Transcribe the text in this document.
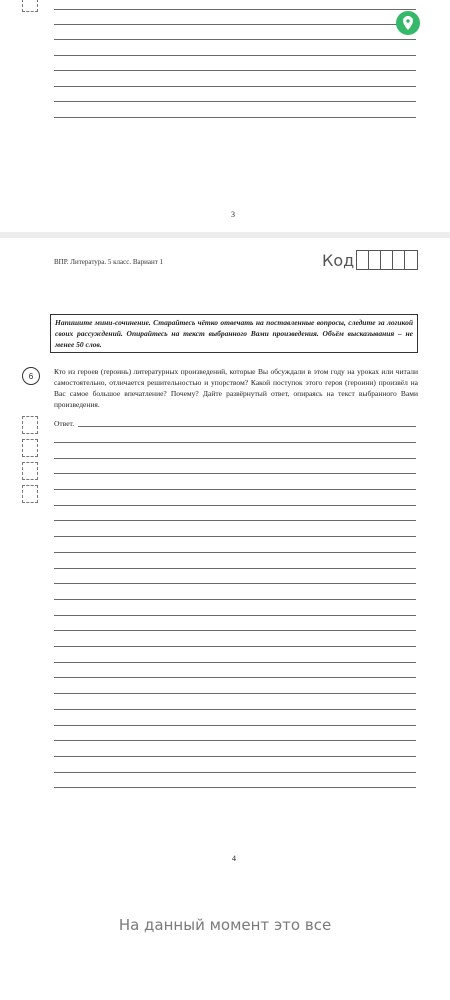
3
ВПР. Литература. 5 класс. Вариант 1	Код
Напишите мини-сочинение. Старайтесь чётко отвечать на поставленные вопросы, следите за логикой своих рассуждений. Опирайтесь на текст выбранного Вами произведения. Объём высказывания – не менее 50 слов.
6	Кто из героев (героинь) литературных произведений, которые Вы обсуждали в этом году на уроках или читали самостоятельно, отличается решительностью и упорством? Какой поступок этого героя (героини) произвёл на Вас самое большое впечатление? Почему? Дайте развёрнутый ответ, опираясь на текст выбранного Вами произведения.
Ответ.
4
На данный момент это все
